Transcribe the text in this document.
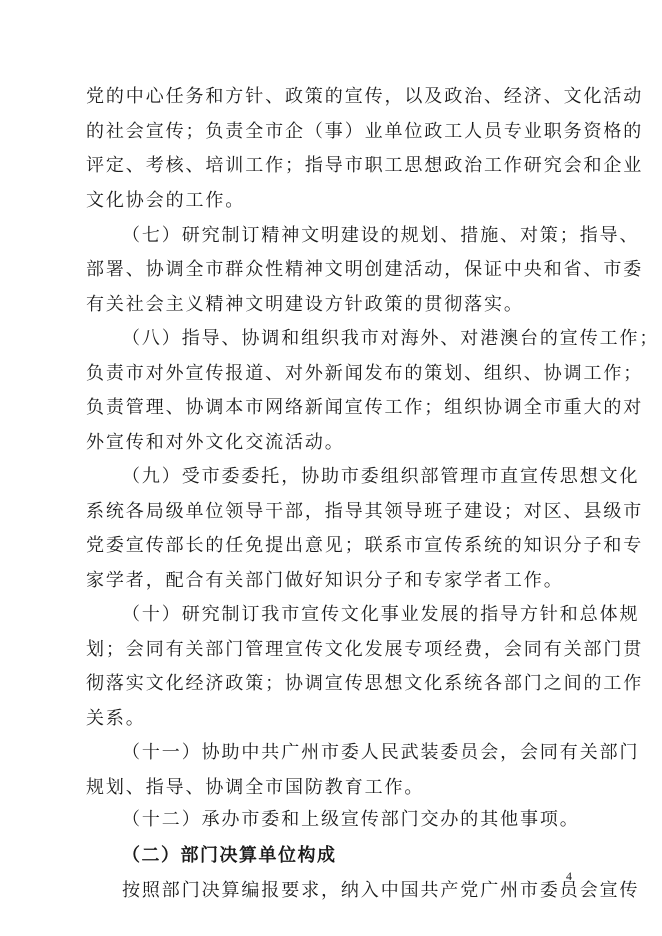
党的中心任务和方针、政策的宣传，以及政治、经济、文化活动
的社会宣传；负责全市企（事）业单位政工人员专业职务资格的
评定、考核、培训工作；指导市职工思想政治工作研究会和企业
文化协会的工作。
（七）研究制订精神文明建设的规划、措施、对策；指导、
部署、协调全市群众性精神文明创建活动，保证中央和省、市委
有关社会主义精神文明建设方针政策的贯彻落实。
（八）指导、协调和组织我市对海外、对港澳台的宣传工作；
负责市对外宣传报道、对外新闻发布的策划、组织、协调工作；
负责管理、协调本市网络新闻宣传工作；组织协调全市重大的对
外宣传和对外文化交流活动。
（九）受市委委托，协助市委组织部管理市直宣传思想文化
系统各局级单位领导干部，指导其领导班子建设；对区、县级市
党委宣传部长的任免提出意见；联系市宣传系统的知识分子和专
家学者，配合有关部门做好知识分子和专家学者工作。
（十）研究制订我市宣传文化事业发展的指导方针和总体规
划；会同有关部门管理宣传文化发展专项经费，会同有关部门贯
彻落实文化经济政策；协调宣传思想文化系统各部门之间的工作
关系。
（十一）协助中共广州市委人民武装委员会，会同有关部门
规划、指导、协调全市国防教育工作。
（十二）承办市委和上级宣传部门交办的其他事项。
（二）部门决算单位构成
按照部门决算编报要求，纳入中国共产党广州市委员会宣传
4
